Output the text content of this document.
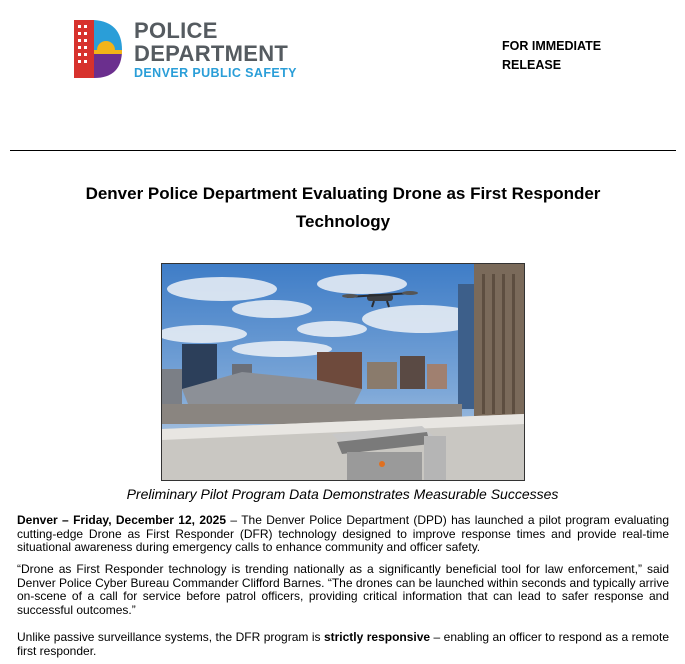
POLICE
DEPARTMENT
DENVER PUBLIC SAFETY
FOR IMMEDIATE
RELEASE
Denver Police Department Evaluating Drone as First Responder
Technology
Preliminary Pilot Program Data Demonstrates Measurable Successes
Denver – Friday, December 12, 2025 – The Denver Police Department (DPD) has launched a pilot program evaluating cutting-edge Drone as First Responder (DFR) technology designed to improve response times and provide real-time situational awareness during emergency calls to enhance community and officer safety.
“Drone as First Responder technology is trending nationally as a significantly beneficial tool for law enforcement,” said Denver Police Cyber Bureau Commander Clifford Barnes. “The drones can be launched within seconds and typically arrive on-scene of a call for service before patrol officers, providing critical information that can lead to safer response and successful outcomes.”
Unlike passive surveillance systems, the DFR program is strictly responsive – enabling an officer to respond as a remote first responder.
